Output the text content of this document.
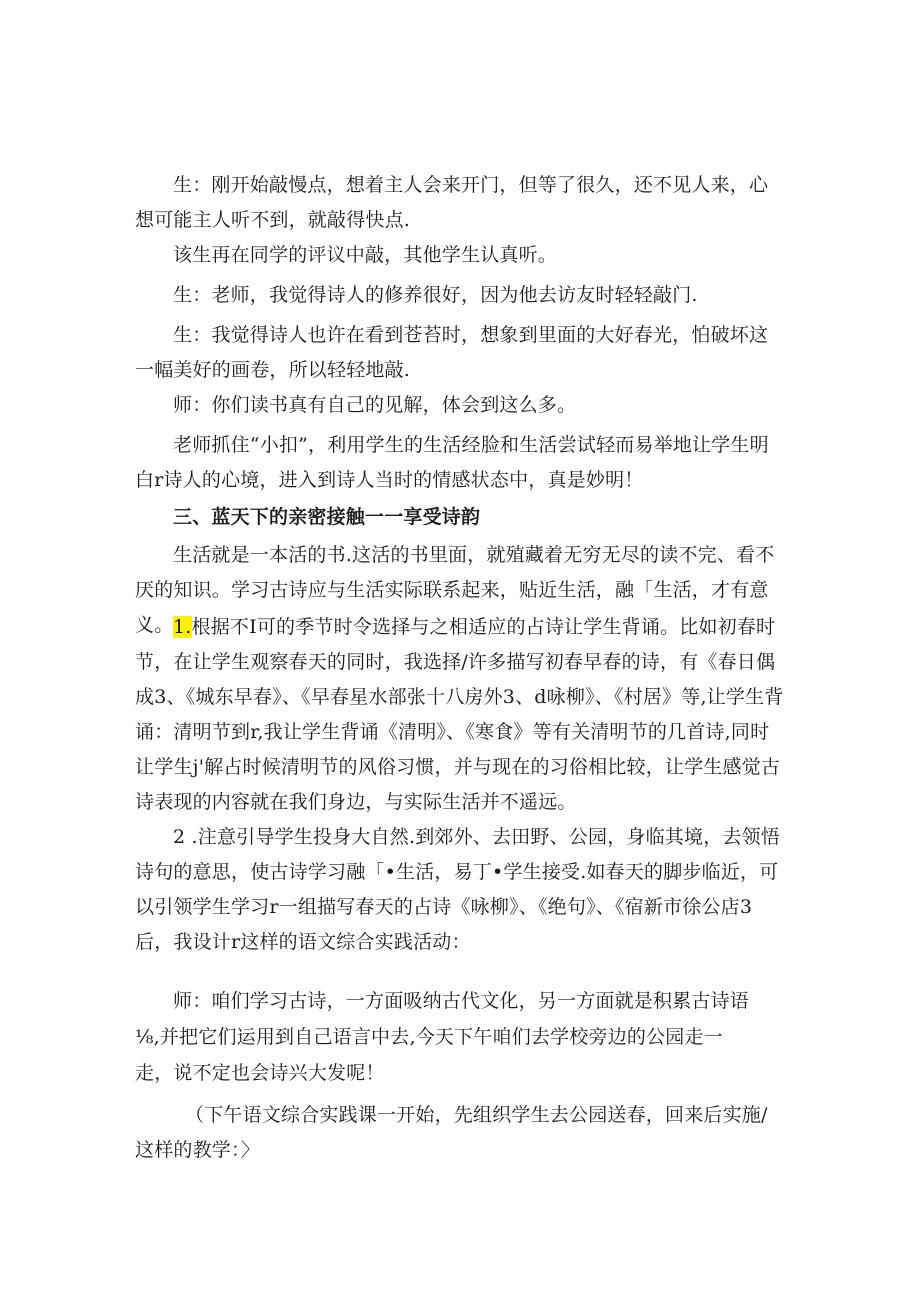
生：刚开始敲慢点，想着主人会来开门，但等了很久，还不见人来，心想可能主人听不到，就敲得快点.

该生再在同学的评议中敲，其他学生认真听。

生：老师，我觉得诗人的修养很好，因为他去访友时轻轻敲门.

生：我觉得诗人也许在看到苍苔时，想象到里面的大好春光，怕破坏这一幅美好的画卷，所以轻轻地敲.

师：你们读书真有自己的见解，体会到这么多。

老师抓住“小扣”，利用学生的生活经脸和生活尝试轻而易举地让学生明白r诗人的心境，进入到诗人当时的情感状态中，真是妙明！

三、蓝天下的亲密接触一一享受诗韵

生活就是一本活的书.这活的书里面，就殖藏着无穷无尽的读不完、看不厌的知识。学习古诗应与生活实际联系起来，贴近生活，融「生活，才有意义。 1.根据不I可的季节时令选择与之相适应的占诗让学生背诵。比如初春时节，在让学生观察春天的同时，我选择/许多描写初春早春的诗，有《春日偶成3、《城东早春》、《早春星水部张十八房外3、d咏柳》、《村居》等,让学生背诵：清明节到r,我让学生背诵《清明》、《寒食》等有关清明节的几首诗,同时让学生j'解占时候清明节的风俗习惯，并与现在的习俗相比较，让学生感觉古诗表现的内容就在我们身边，与实际生活并不遥远。

2 .注意引导学生投身大自然.到郊外、去田野、公园，身临其境，去领悟诗句的意思，使古诗学习融「•生活，易丁•学生接受.如春天的脚步临近，可以引领学生学习r一组描写春天的占诗《咏柳》、《绝句》、《宿新市徐公店3后，我设计r这样的语文综合实践活动：

师：咱们学习古诗，一方面吸纳古代文化，另一方面就是积累古诗语

⅛,并把它们运用到自己语言中去,今天下午咱们去学校旁边的公园走一

走，说不定也会诗兴大发呢！

（下午语文综合实践课一开始，先组织学生去公园送春，回来后实施/这样的教学：〉
